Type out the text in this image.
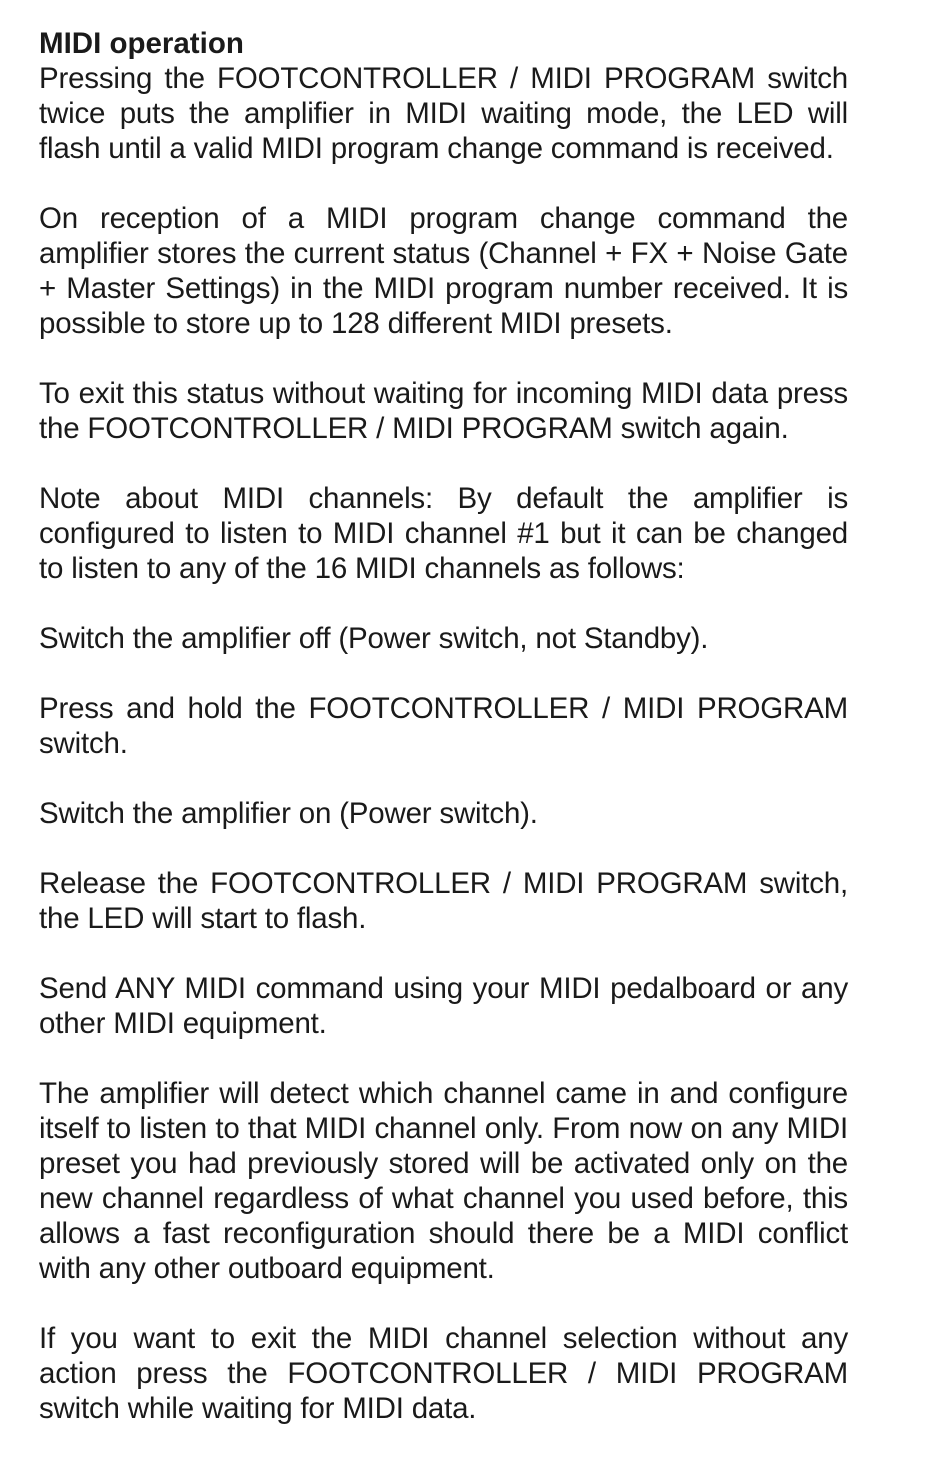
MIDI operation

Pressing the FOOTCONTROLLER / MIDI PROGRAM switch twice puts the amplifier in MIDI waiting mode, the LED will flash until a valid MIDI program change command is received.

On reception of a MIDI program change command the amplifier stores the current status (Channel + FX + Noise Gate + Master Settings) in the MIDI program number received. It is possible to store up to 128 different MIDI presets.

To exit this status without waiting for incoming MIDI data press the FOOTCONTROLLER / MIDI PROGRAM switch again.

Note about MIDI channels: By default the amplifier is configured to listen to MIDI channel #1 but it can be changed to listen to any of the 16 MIDI channels as follows:

Switch the amplifier off (Power switch, not Standby).

Press and hold the FOOTCONTROLLER / MIDI PROGRAM switch.

Switch the amplifier on (Power switch).

Release the FOOTCONTROLLER / MIDI PROGRAM switch, the LED will start to flash.

Send ANY MIDI command using your MIDI pedalboard or any other MIDI equipment.

The amplifier will detect which channel came in and configure itself to listen to that MIDI channel only. From now on any MIDI preset you had previously stored will be activated only on the new channel regardless of what channel you used before, this allows a fast reconfiguration should there be a MIDI conflict with any other outboard equipment.

If you want to exit the MIDI channel selection without any action press the FOOTCONTROLLER / MIDI PROGRAM switch while waiting for MIDI data.
